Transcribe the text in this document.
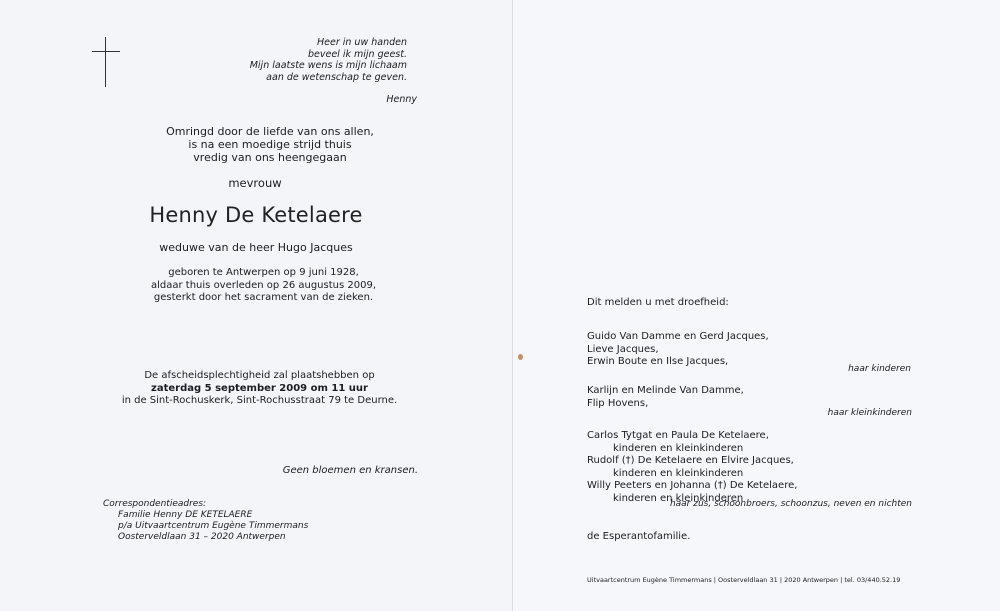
Heer in uw handen
beveel ik mijn geest.
Mijn laatste wens is mijn lichaam
aan de wetenschap te geven.
Henny
Omringd door de liefde van ons allen,
is na een moedige strijd thuis
vredig van ons heengegaan
mevrouw
Henny De Ketelaere
weduwe van de heer Hugo Jacques
geboren te Antwerpen op 9 juni 1928,
aldaar thuis overleden op 26 augustus 2009,
gesterkt door het sacrament van de zieken.
De afscheidsplechtigheid zal plaatshebben op
zaterdag 5 september 2009 om 11 uur
in de Sint-Rochuskerk, Sint-Rochusstraat 79 te Deurne.
Geen bloemen en kransen.
Correspondentieadres:
Familie Henny DE KETELAERE
p/a Uitvaartcentrum Eugène Timmermans
Oosterveldlaan 31 – 2020 Antwerpen
Dit melden u met droefheid:
Guido Van Damme en Gerd Jacques,
Lieve Jacques,
Erwin Boute en Ilse Jacques,
haar kinderen
Karlijn en Melinde Van Damme,
Flip Hovens,
haar kleinkinderen
Carlos Tytgat en Paula De Ketelaere,
kinderen en kleinkinderen
Rudolf (†) De Ketelaere en Elvire Jacques,
kinderen en kleinkinderen
Willy Peeters en Johanna (†) De Ketelaere,
kinderen en kleinkinderen
haar zus, schoonbroers, schoonzus, neven en nichten
de Esperantofamilie.
Uitvaartcentrum Eugène Timmermans | Oosterveldlaan 31 | 2020 Antwerpen | tel. 03/440.52.19
